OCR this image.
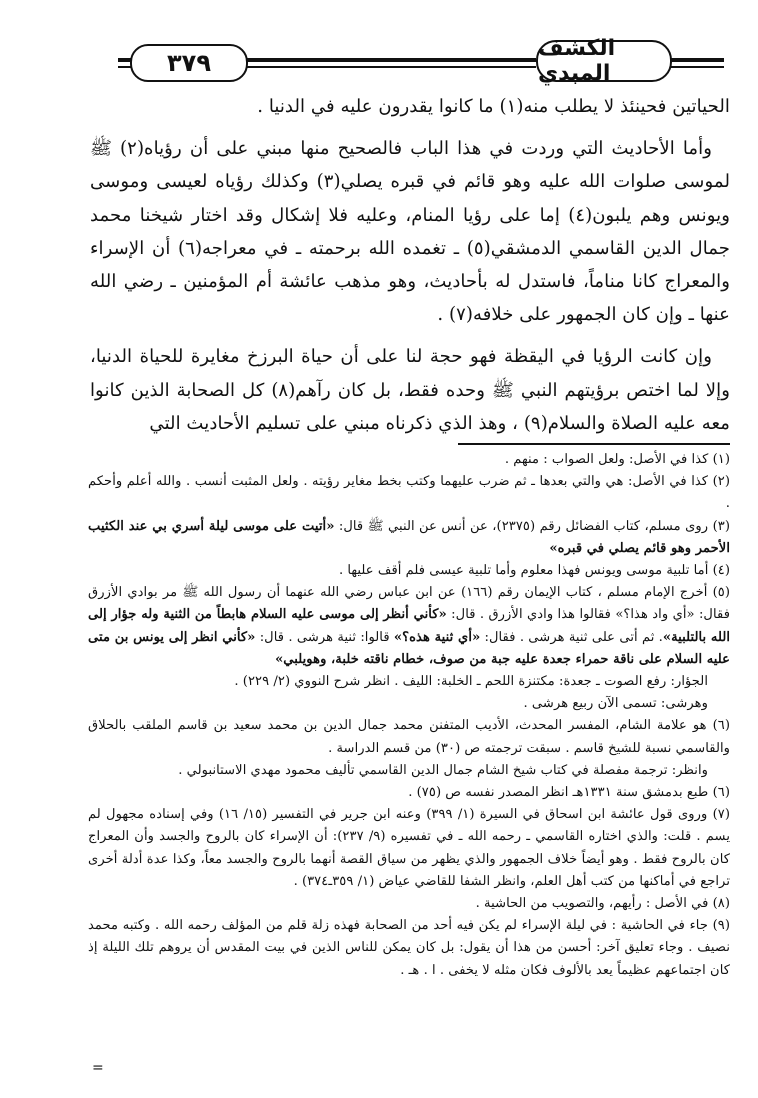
٣٧٩
الكشف المبدي

الحياتين فحينئذ لا يطلب منه(١) ما كانوا يقدرون عليه في الدنيا .

وأما الأحاديث التي وردت في هذا الباب فالصحيح منها مبني على أن رؤياه(٢) ﷺ لموسى صلوات الله عليه وهو قائم في قبره يصلي(٣) وكذلك رؤياه لعيسى وموسى ويونس وهم يلبون(٤) إما على رؤيا المنام، وعليه فلا إشكال وقد اختار شيخنا محمد جمال الدين القاسمي الدمشقي(٥) ـ تغمده الله برحمته ـ في معراجه(٦) أن الإسراء والمعراج كانا مناماً، فاستدل له بأحاديث، وهو مذهب عائشة أم المؤمنين ـ رضي الله عنها ـ وإن كان الجمهور على خلافه(٧) .

وإن كانت الرؤيا في اليقظة فهو حجة لنا على أن حياة البرزخ مغايرة للحياة الدنيا، وإلا لما اختص برؤيتهم النبي ﷺ وحده فقط، بل كان رآهم(٨) كل الصحابة الذين كانوا معه عليه الصلاة والسلام(٩) ، وهذ الذي ذكرناه مبني على تسليم الأحاديث التي

(١) كذا في الأصل: ولعل الصواب : منهم .

(٢) كذا في الأصل: هي والتي بعدها ـ ثم ضرب عليهما وكتب بخط مغاير رؤيته . ولعل المثبت أنسب . والله أعلم وأحكم .

(٣) روى مسلم، كتاب الفضائل رقم (٢٣٧٥)، عن أنس عن النبي ﷺ قال: «أتيت على موسى ليلة أسري بي عند الكثيب الأحمر وهو قائم يصلي في قبره»

(٤) أما تلبية موسى ويونس فهذا معلوم وأما تلبية عيسى فلم أقف عليها .

(٥) أخرج الإمام مسلم ، كتاب الإيمان رقم (١٦٦) عن ابن عباس رضي الله عنهما أن رسول الله ﷺ مر بوادي الأزرق فقال: «أي واد هذا؟» فقالوا هذا وادي الأزرق . قال: «كأني أنظر إلى موسى عليه السلام هابطاً من الثنية وله جؤار إلى الله بالتلبية». ثم أتى على ثنية هرشى . فقال: «أي ثنية هذه؟» قالوا: ثنية هرشى . قال: «كأني انظر إلى يونس بن متى عليه السلام على ناقة حمراء جعدة عليه جبة من صوف، خطام ناقته خلبة، وهويلبي»

الجؤار: رفع الصوت ـ جعدة: مكتنزة اللحم ـ الخلبة: الليف . انظر شرح النووي (٢/ ٢٢٩) .

وهرشى: تسمى الآن ربيع هرشى .

(٦) هو علامة الشام، المفسر المحدث، الأديب المتفنن محمد جمال الدين بن محمد سعيد بن قاسم الملقب بالحلاق والقاسمي نسبة للشيخ قاسم . سبقت ترجمته ص (٣٠) من قسم الدراسة .

وانظر: ترجمة مفصلة في كتاب شيخ الشام جمال الدين القاسمي تأليف محمود مهدي الاستانبولي .

(٦) طبع بدمشق سنة ١٣٣١هـ انظر المصدر نفسه ص (٧٥) .

(٧) وروى قول عائشة ابن اسحاق في السيرة (١/ ٣٩٩) وعنه ابن جرير في التفسير (١٥/ ١٦) وفي إسناده مجهول لم يسم . قلت: والذي اختاره القاسمي ـ رحمه الله ـ في تفسيره (٩/ ٢٣٧): أن الإسراء كان بالروح والجسد وأن المعراج كان بالروح فقط . وهو أيضاً خلاف الجمهور والذي يظهر من سياق القصة أنهما بالروح والجسد معاً، وكذا عدة أدلة أخرى تراجع في أماكنها من كتب أهل العلم، وانظر الشفا للقاضي عياض (١/ ٣٥٩ـ٣٧٤) .

(٨) في الأصل : رأيهم، والتصويب من الحاشية .

(٩) جاء في الحاشية : في ليلة الإسراء لم يكن فيه أحد من الصحابة فهذه زلة قلم من المؤلف رحمه الله . وكتبه محمد نصيف . وجاء تعليق آخر: أحسن من هذا أن يقول: بل كان يمكن للناس الذين في بيت المقدس أن يروهم تلك الليلة إذ كان اجتماعهم عظيماً يعد بالألوف فكان مثله لا يخفى . ا . هـ .

=
